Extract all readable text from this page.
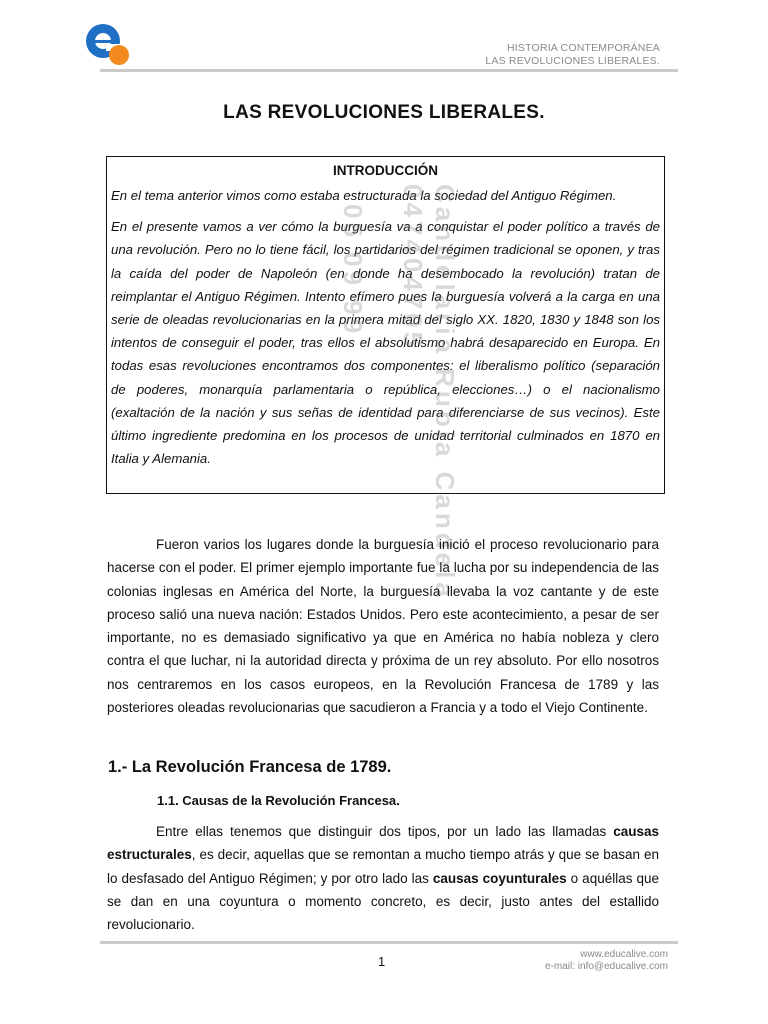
HISTORIA CONTEMPORÁNEA
LAS REVOLUCIONES LIBERALES.
LAS REVOLUCIONES LIBERALES.
INTRODUCCIÓN

En el tema anterior vimos como estaba estructurada la sociedad del Antiguo Régimen.

En el presente vamos a ver cómo la burguesía va a conquistar el poder político a través de una revolución. Pero no lo tiene fácil, los partidarios del régimen tradicional se oponen, y tras la caída del poder de Napoleón (en donde ha desembocado la revolución) tratan de reimplantar el Antiguo Régimen. Intento efímero pues la burguesía volverá a la carga en una serie de oleadas revolucionarias en la primera mitad del siglo XX. 1820, 1830 y 1848 son los intentos de conseguir el poder, tras ellos el absolutismo habrá desaparecido en Europa. En todas esas revoluciones encontramos dos componentes: el liberalismo político (separación de poderes, monarquía parlamentaria o república, elecciones…) o el nacionalismo (exaltación de la nación y sus señas de identidad para diferenciarse de sus vecinos). Este último ingrediente predomina en los procesos de unidad territorial culminados en 1870 en Italia y Alemania.	Candelaria Rubia Candela
047404705
05 09 99

Fueron varios los lugares donde la burguesía inició el proceso revolucionario para hacerse con el poder. El primer ejemplo importante fue la lucha por su independencia de las colonias inglesas en América del Norte, la burguesía llevaba la voz cantante y de este proceso salió una nueva nación: Estados Unidos. Pero este acontecimiento, a pesar de ser importante, no es demasiado significativo ya que en América no había nobleza y clero contra el que luchar, ni la autoridad directa y próxima de un rey absoluto. Por ello nosotros nos centraremos en los casos europeos, en la Revolución Francesa de 1789 y las posteriores oleadas revolucionarias que sacudieron a Francia y a todo el Viejo Continente.

1.- La Revolución Francesa de 1789.
1.1. Causas de la Revolución Francesa.

Entre ellas tenemos que distinguir dos tipos, por un lado las llamadas causas estructurales, es decir, aquellas que se remontan a mucho tiempo atrás y que se basan en lo desfasado del Antiguo Régimen; y por otro lado las causas coyunturales o aquéllas que se dan en una coyuntura o momento concreto, es decir, justo antes del estallido revolucionario.

1	www.educalive.com
e-mail: info@educalive.com
